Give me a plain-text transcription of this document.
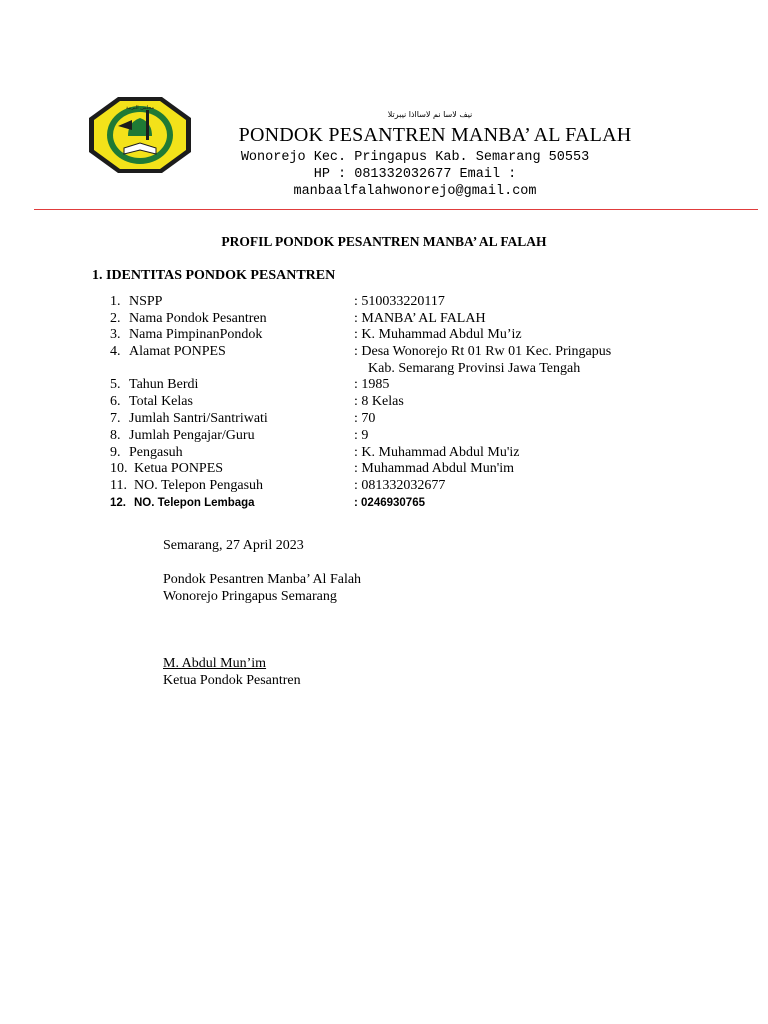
مجلس التربية
نيف لاسا نم لاسااذا نيبرتلا
PONDOK PESANTREN MANBA’ AL FALAH
Wonorejo Kec. Pringapus Kab. Semarang 50553
HP : 081332032677 Email :
manbaalfalahwonorejo@gmail.com
PROFIL PONDOK PESANTREN MANBA’ AL FALAH
1. IDENTITAS PONDOK PESANTREN
1. NSPP	: 510033220117
2. Nama Pondok Pesantren	: MANBA’ AL FALAH
3. Nama PimpinanPondok	: K. Muhammad Abdul Mu’iz
4. Alamat PONPES	: Desa Wonorejo Rt 01 Rw 01 Kec. Pringapus
Kab. Semarang Provinsi Jawa Tengah
5. Tahun Berdi	: 1985
6. Total Kelas	: 8 Kelas
7. Jumlah Santri/Santriwati	: 70
8. Jumlah Pengajar/Guru	: 9
9. Pengasuh	: K. Muhammad Abdul Mu'iz
10. Ketua PONPES	: Muhammad Abdul Mun'im
11. NO. Telepon Pengasuh	: 081332032677
12. NO. Telepon Lembaga	: 0246930765
Semarang, 27 April 2023
Pondok Pesantren Manba’ Al Falah
Wonorejo Pringapus Semarang
M. Abdul Mun’im
Ketua Pondok Pesantren
